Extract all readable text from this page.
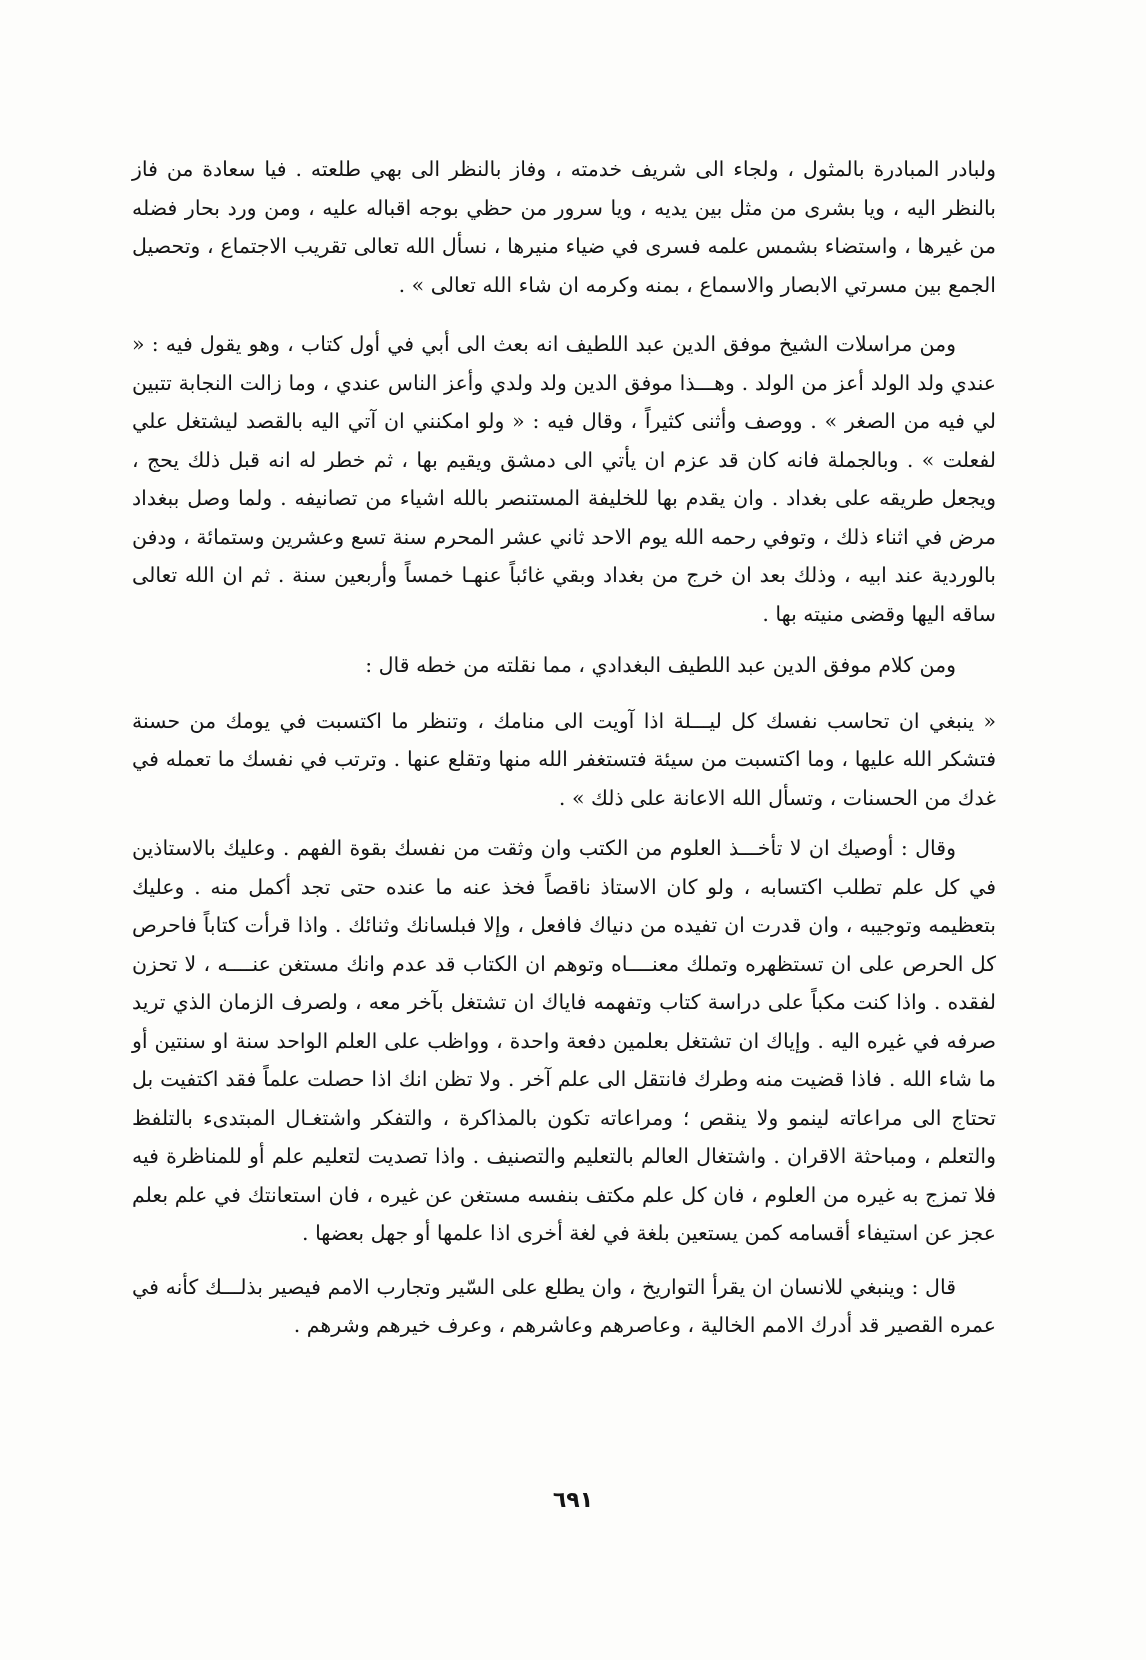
ولبادر المبادرة بالمثول ، ولجاء الى شريف خدمته ، وفاز بالنظر الى بهي طلعته . فيا سعادة من فاز بالنظر اليه ، ويا بشرى من مثل بين يديه ، ويا سرور من حظي بوجه اقباله عليه ، ومن ورد بحار فضله من غيرها ، واستضاء بشمس علمه فسرى في ضياء منيرها ، نسأل الله تعالى تقريب الاجتماع ، وتحصيل الجمع بين مسرتي الابصار والاسماع ، بمنه وكرمه ان شاء الله تعالى » .

ومن مراسلات الشيخ موفق الدين عبد اللطيف انه بعث الى أبي في أول كتاب ، وهو يقول فيه : « عندي ولد الولد أعز من الولد . وهـــذا موفق الدين ولد ولدي وأعز الناس عندي ، وما زالت النجابة تتبين لي فيه من الصغر » . ووصف وأثنى كثيراً ، وقال فيه : « ولو امكنني ان آتي اليه بالقصد ليشتغل علي لفعلت » . وبالجملة فانه كان قد عزم ان يأتي الى دمشق ويقيم بها ، ثم خطر له انه قبل ذلك يحج ، ويجعل طريقه على بغداد . وان يقدم بها للخليفة المستنصر بالله اشياء من تصانيفه . ولما وصل ببغداد مرض في اثناء ذلك ، وتوفي رحمه الله يوم الاحد ثاني عشر المحرم سنة تسع وعشرين وستمائة ، ودفن بالوردية عند ابيه ، وذلك بعد ان خرج من بغداد وبقي غائباً عنهـا خمساً وأربعين سنة . ثم ان الله تعالى ساقه اليها وقضى منيته بها .

ومن كلام موفق الدين عبد اللطيف البغدادي ، مما نقلته من خطه قال :

« ينبغي ان تحاسب نفسك كل ليـــلة اذا آويت الى منامك ، وتنظر ما اكتسبت في يومك من حسنة فتشكر الله عليها ، وما اكتسبت من سيئة فتستغفر الله منها وتقلع عنها . وترتب في نفسك ما تعمله في غدك من الحسنات ، وتسأل الله الاعانة على ذلك » .

وقال : أوصيك ان لا تأخـــذ العلوم من الكتب وان وثقت من نفسك بقوة الفهم . وعليك بالاستاذين في كل علم تطلب اكتسابه ، ولو كان الاستاذ ناقصاً فخذ عنه ما عنده حتى تجد أكمل منه . وعليك بتعظيمه وتوجيبه ، وان قدرت ان تفيده من دنياك فافعل ، وإلا فبلسانك وثنائك . واذا قرأت كتاباً فاحرص كل الحرص على ان تستظهره وتملك معنــــاه وتوهم ان الكتاب قد عدم وانك مستغن عنــــه ، لا تحزن لفقده . واذا كنت مكباً على دراسة كتاب وتفهمه فاياك ان تشتغل بآخر معه ، ولصرف الزمان الذي تريد صرفه في غيره اليه . وإياك ان تشتغل بعلمين دفعة واحدة ، وواظب على العلم الواحد سنة او سنتين أو ما شاء الله . فاذا قضيت منه وطرك فانتقل الى علم آخر . ولا تظن انك اذا حصلت علماً فقد اكتفيت بل تحتاج الى مراعاته لينمو ولا ينقص ؛ ومراعاته تكون بالمذاكرة ، والتفكر واشتغـال المبتدىء بالتلفظ والتعلم ، ومباحثة الاقران . واشتغال العالم بالتعليم والتصنيف . واذا تصديت لتعليم علم أو للمناظرة فيه فلا تمزج به غيره من العلوم ، فان كل علم مكتف بنفسه مستغن عن غيره ، فان استعانتك في علم بعلم عجز عن استيفاء أقسامه كمن يستعين بلغة في لغة أخرى اذا علمها أو جهل بعضها .

قال : وينبغي للانسان ان يقرأ التواريخ ، وان يطلع على السّير وتجارب الامم فيصير بذلـــك كأنه في عمره القصير قد أدرك الامم الخالية ، وعاصرهم وعاشرهم ، وعرف خيرهم وشرهم .

٦٩١
